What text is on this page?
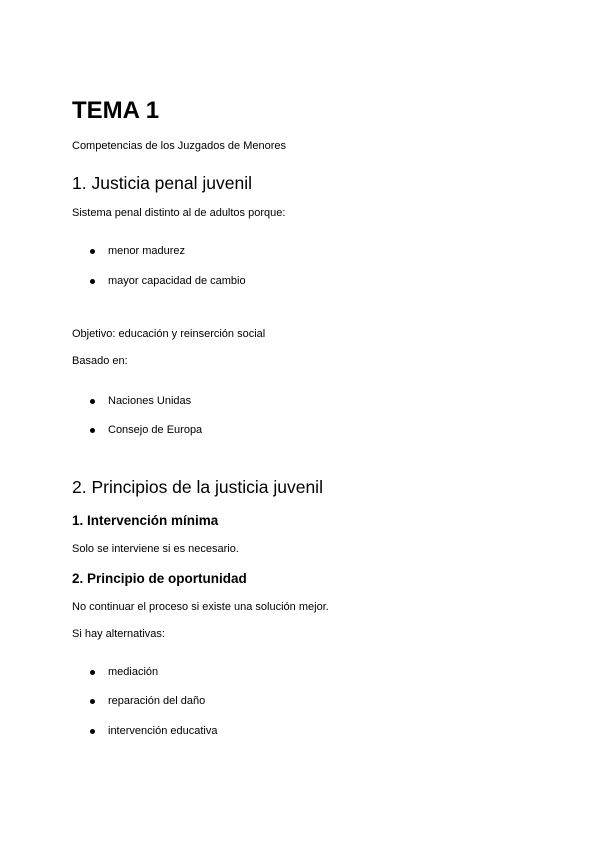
TEMA 1
Competencias de los Juzgados de Menores
1. Justicia penal juvenil
Sistema penal distinto al de adultos porque:
menor madurez
mayor capacidad de cambio
Objetivo: educación y reinserción social
Basado en:
Naciones Unidas
Consejo de Europa
2. Principios de la justicia juvenil
1. Intervención mínima
Solo se interviene si es necesario.
2. Principio de oportunidad
No continuar el proceso si existe una solución mejor.
Si hay alternativas:
mediación
reparación del daño
intervención educativa
